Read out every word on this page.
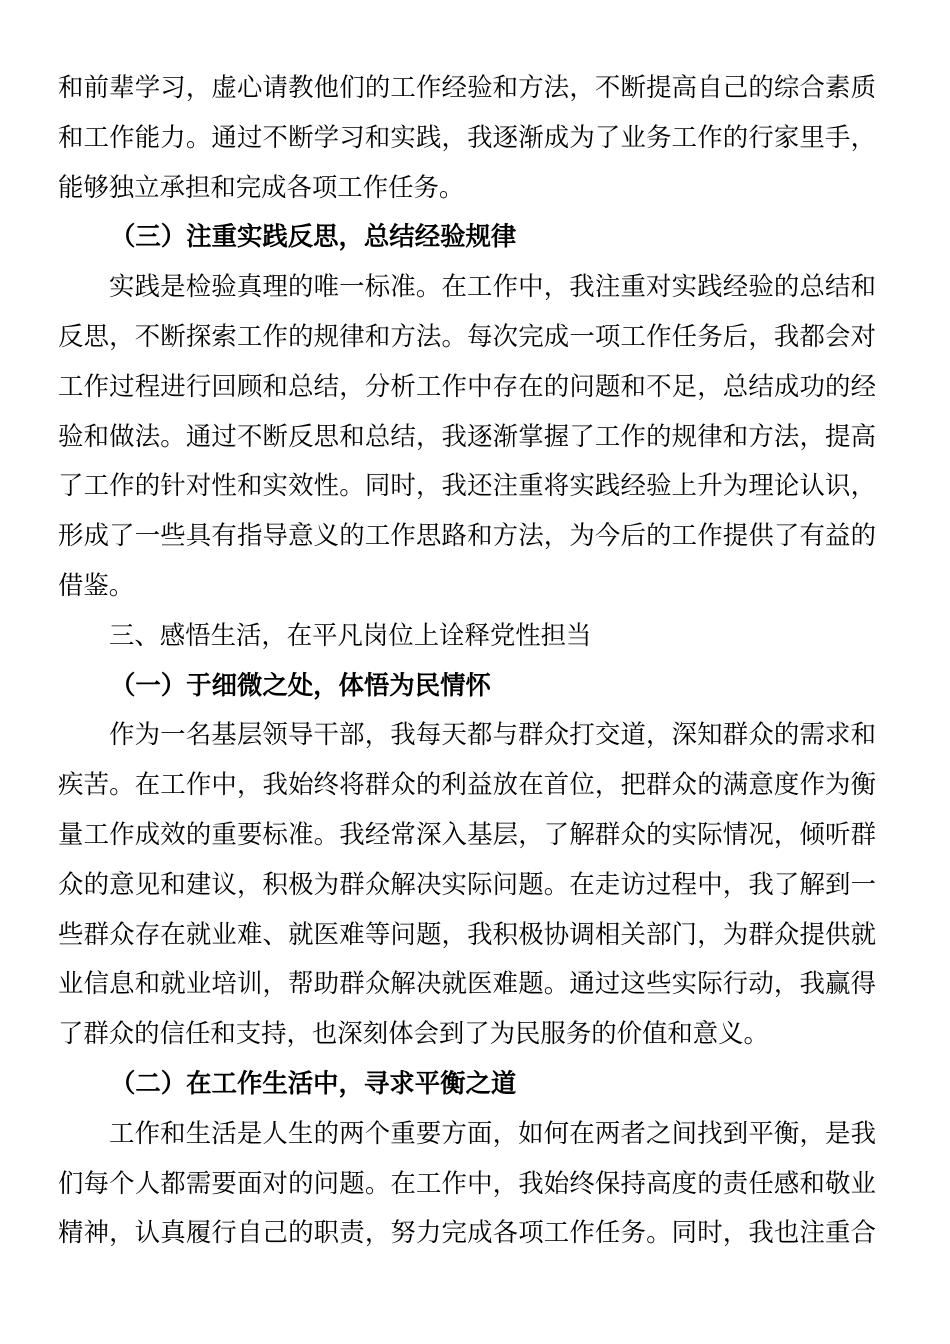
和前辈学习，虚心请教他们的工作经验和方法，不断提高自己的综合素质
和工作能力。通过不断学习和实践，我逐渐成为了业务工作的行家里手，
能够独立承担和完成各项工作任务。
（三）注重实践反思，总结经验规律
实践是检验真理的唯一标准。在工作中，我注重对实践经验的总结和
反思，不断探索工作的规律和方法。每次完成一项工作任务后，我都会对
工作过程进行回顾和总结，分析工作中存在的问题和不足，总结成功的经
验和做法。通过不断反思和总结，我逐渐掌握了工作的规律和方法，提高
了工作的针对性和实效性。同时，我还注重将实践经验上升为理论认识，
形成了一些具有指导意义的工作思路和方法，为今后的工作提供了有益的
借鉴。
三、感悟生活，在平凡岗位上诠释党性担当
（一）于细微之处，体悟为民情怀
作为一名基层领导干部，我每天都与群众打交道，深知群众的需求和
疾苦。在工作中，我始终将群众的利益放在首位，把群众的满意度作为衡
量工作成效的重要标准。我经常深入基层，了解群众的实际情况，倾听群
众的意见和建议，积极为群众解决实际问题。在走访过程中，我了解到一
些群众存在就业难、就医难等问题，我积极协调相关部门，为群众提供就
业信息和就业培训，帮助群众解决就医难题。通过这些实际行动，我赢得
了群众的信任和支持，也深刻体会到了为民服务的价值和意义。
（二）在工作生活中，寻求平衡之道
工作和生活是人生的两个重要方面，如何在两者之间找到平衡，是我
们每个人都需要面对的问题。在工作中，我始终保持高度的责任感和敬业
精神，认真履行自己的职责，努力完成各项工作任务。同时，我也注重合
